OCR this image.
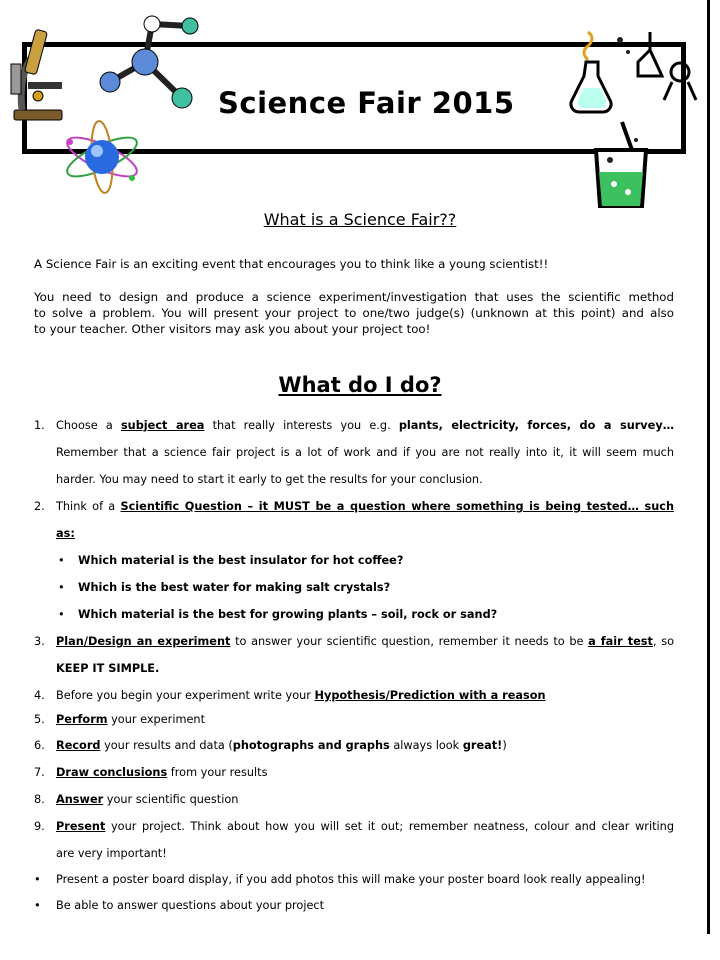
Science Fair 2015
What is a Science Fair??
A Science Fair is an exciting event that encourages you to think like a young scientist!!
You need to design and produce a science experiment/investigation that uses the scientific method
to solve a problem. You will present your project to one/two judge(s) (unknown at this point) and also
to your teacher. Other visitors may ask you about your project too!
What do I do?
1. Choose a subject area that really interests you e.g. plants, electricity, forces, do a survey…
Remember that a science fair project is a lot of work and if you are not really into it, it will seem much
harder. You may need to start it early to get the results for your conclusion.
2. Think of a Scientific Question – it MUST be a question where something is being tested… such
as:
• Which material is the best insulator for hot coffee?
• Which is the best water for making salt crystals?
• Which material is the best for growing plants – soil, rock or sand?
3. Plan/Design an experiment to answer your scientific question, remember it needs to be a fair test, so
KEEP IT SIMPLE.
4. Before you begin your experiment write your Hypothesis/Prediction with a reason
5. Perform your experiment
6. Record your results and data (photographs and graphs always look great!)
7. Draw conclusions from your results
8. Answer your scientific question
9. Present your project. Think about how you will set it out; remember neatness, colour and clear writing
are very important!
•	Present a poster board display, if you add photos this will make your poster board look really appealing!
•	Be able to answer questions about your project
